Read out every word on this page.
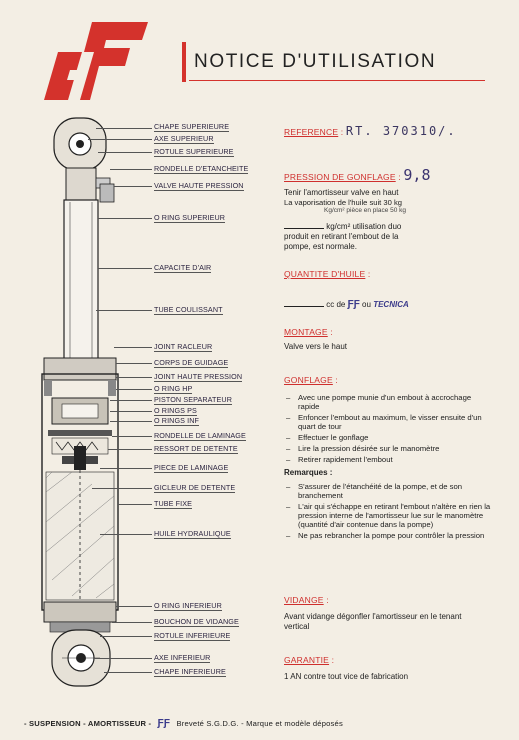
NOTICE D'UTILISATION
CHAPE SUPERIEURE
AXE SUPERIEUR
ROTULE SUPERIEURE
RONDELLE D'ETANCHEITE
VALVE HAUTE PRESSION
O RING SUPERIEUR
CAPACITE D'AIR
TUBE COULISSANT
JOINT RACLEUR
CORPS DE GUIDAGE
JOINT HAUTE PRESSION
O RING HP
PISTON SEPARATEUR
O RINGS PS
O RINGS INF
RONDELLE DE LAMINAGE
RESSORT DE DETENTE
PIECE DE LAMINAGE
GICLEUR DE DETENTE
TUBE FIXE
HUILE HYDRAULIQUE
O RING INFERIEUR
BOUCHON DE VIDANGE
ROTULE INFERIEURE
AXE INFERIEUR
CHAPE INFERIEURE
REFERENCE : RT. 370310/.
PRESSION DE GONFLAGE : 9,8
Tenir l'amortisseur valve en haut
La vaporisation de l'huile suit 30 kg
Kg/cm² pièce en place 50 kg
kg/cm² utilisation duo
produit en retirant l'embout de la
pompe, est normale.
QUANTITE D'HUILE :
cc de ƑƑ ou TECNICA
MONTAGE :
Valve vers le haut
GONFLAGE :
– Avec une pompe munie d'un embout à accrochage rapide
– Enfoncer l'embout au maximum, le visser ensuite d'un quart de tour
– Effectuer le gonflage
– Lire la pression désirée sur le manomètre
– Retirer rapidement l'embout
Remarques :
– S'assurer de l'étanchéité de la pompe, et de son branchement
– L'air qui s'échappe en retirant l'embout n'altère en rien la pression interne de l'amortisseur lue sur le manomètre (quantité d'air contenue dans la pompe)
– Ne pas rebrancher la pompe pour contrôler la pression
VIDANGE :
Avant vidange dégonfler l'amortisseur en le tenant vertical
GARANTIE :
1 AN contre tout vice de fabrication
- SUSPENSION - AMORTISSEUR - ƑƑ Breveté S.G.D.G. - Marque et modèle déposés
